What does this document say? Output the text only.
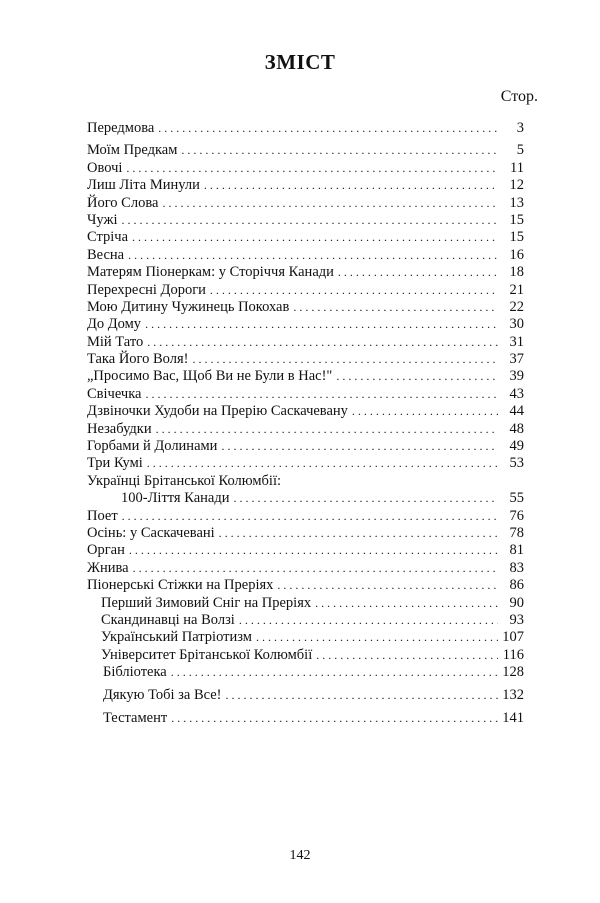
ЗМІСТ
Стор.
Передмова . . .	3
Моїм Предкам . . .	5
Овочі . . .	11
Лиш Літа Минули . . .	12
Його Слова . . .	13
Чужі . . .	15
Стріча . . .	15
Весна . . .	16
Матерям Піонеркам: у Сторіччя Канади . . .	18
Перехресні Дороги . . .	21
Мою Дитину Чужинець Покохав . . .	22
До Дому . . .	30
Мій Тато . . .	31
Така Його Воля! . . .	37
„Просимо Вас, Щоб Ви не Були в Нас!" . . .	39
Свічечка . . .	43
Дзвіночки Худоби на Прерію Саскачевану . . .	44
Незабудки . . .	48
Горбами й Долинами . . .	49
Три Кумі . . .	53
Українці Брітанської Колюмбії:
100-Ліття Канади . . .	55
Поет . . .	76
Осінь: у Саскачевані . . .	78
Орган . . .	81
Жнива . . .	83
Піонерські Стіжки на Преріях . . .	86
Перший Зимовий Сніг на Преріях . . .	90
Скандинавці на Волзі . . .	93
Український Патріотизм . . .	107
Університет Брітанської Колюмбії . . .	116
Бібліотека . . .	128
Дякую Тобі за Все! . . .	132
Тестамент . . .	141
142
